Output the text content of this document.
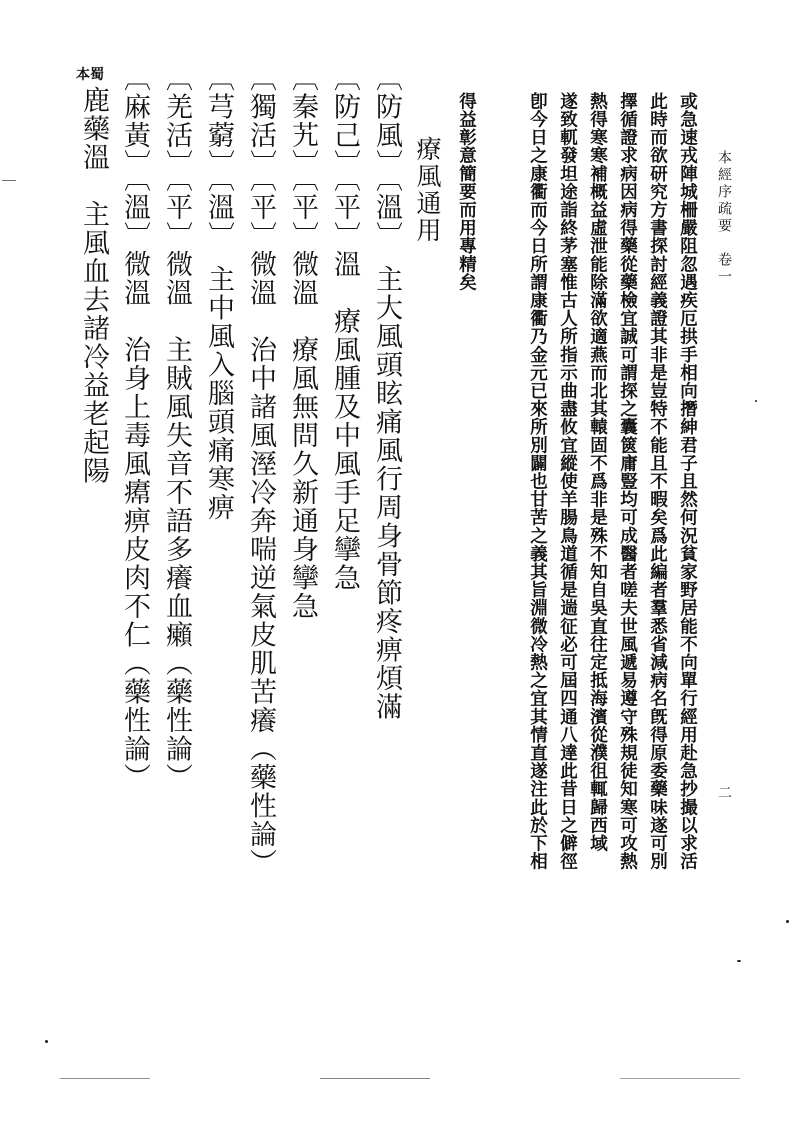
本經序疏要　卷一
二
或急速戎陣城柵嚴阻忽遇疾厄拱手相向撍紳君子且然何況貧家野居能不向單行經用赴急抄撮以求活
此時而欲研究方書探討經義證其非是豈特不能且不暇矣爲此編者羣悉省減病名旣得原委藥味遂可別
擇循證求病因病得藥從藥檢宜誠可謂探之囊篋庸豎均可成醫者嗟夫世風遞易遵守殊規徒知寒可攻熱
熱得寒寒補概益虛泄能除滿欲適燕而北其轅固不爲非是殊不知自吳直往定抵海濱從濮徂輒歸西域
遂致軏發坦途詣終茅塞惟古人所指示曲盡攸宜縱使羊腸鳥道循是遄征必可屆四通八達此昔日之僻徑
卽今日之康衢而今日所謂康衢乃金元已來所別闢也甘苦之義其旨淵微冷熱之宜其情直遂注此於下相
得益彰意簡要而用專精矣
療風通用
〔防風〕〔溫〕　主大風頭眩痛風行周身骨節疼痹煩滿
〔防己〕〔平〕溫　療風腫及中風手足攣急
〔秦艽〕〔平〕微溫　療風無問久新通身攣急
〔獨活〕〔平〕微溫　治中諸風溼冷奔喘逆氣皮肌苦癢（藥性論）
〔芎藭〕〔溫〕　主中風入腦頭痛寒痹
〔羌活〕〔平〕微溫　主賊風失音不語多癢血癩（藥性論）
〔麻黃〕〔溫〕微溫　治身上毒風𤸷痹皮肉不仁（藥性論）
鹿藥溫　主風血去諸冷益老起陽
本蜀
